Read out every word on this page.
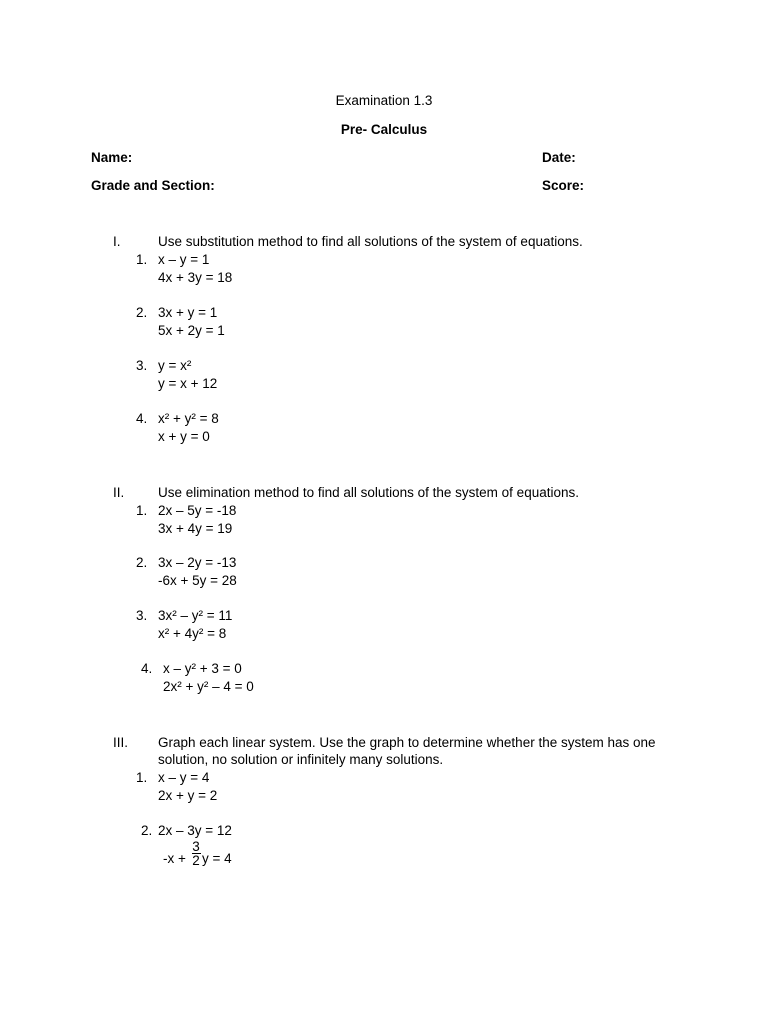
Examination 1.3
Pre- Calculus
Name:	Date:
Grade and Section:	Score:
I.	Use substitution method to find all solutions of the system of equations.
1. x – y = 1
4x + 3y = 18
2. 3x + y = 1
5x + 2y = 1
3. y = x²
y = x + 12
4. x² + y² = 8
x + y = 0
II. Use elimination method to find all solutions of the system of equations.
1. 2x – 5y = -18
3x + 4y = 19
2. 3x – 2y = -13
-6x + 5y = 28
3. 3x² – y² = 11
x² + 4y² = 8
4. x – y² + 3 = 0
2x² + y² – 4 = 0
III. Graph each linear system. Use the graph to determine whether the system has one
solution, no solution or infinitely many solutions.
1. x – y = 4
2x + y = 2
2. 2x – 3y = 12
-x +
3
2 y = 4
